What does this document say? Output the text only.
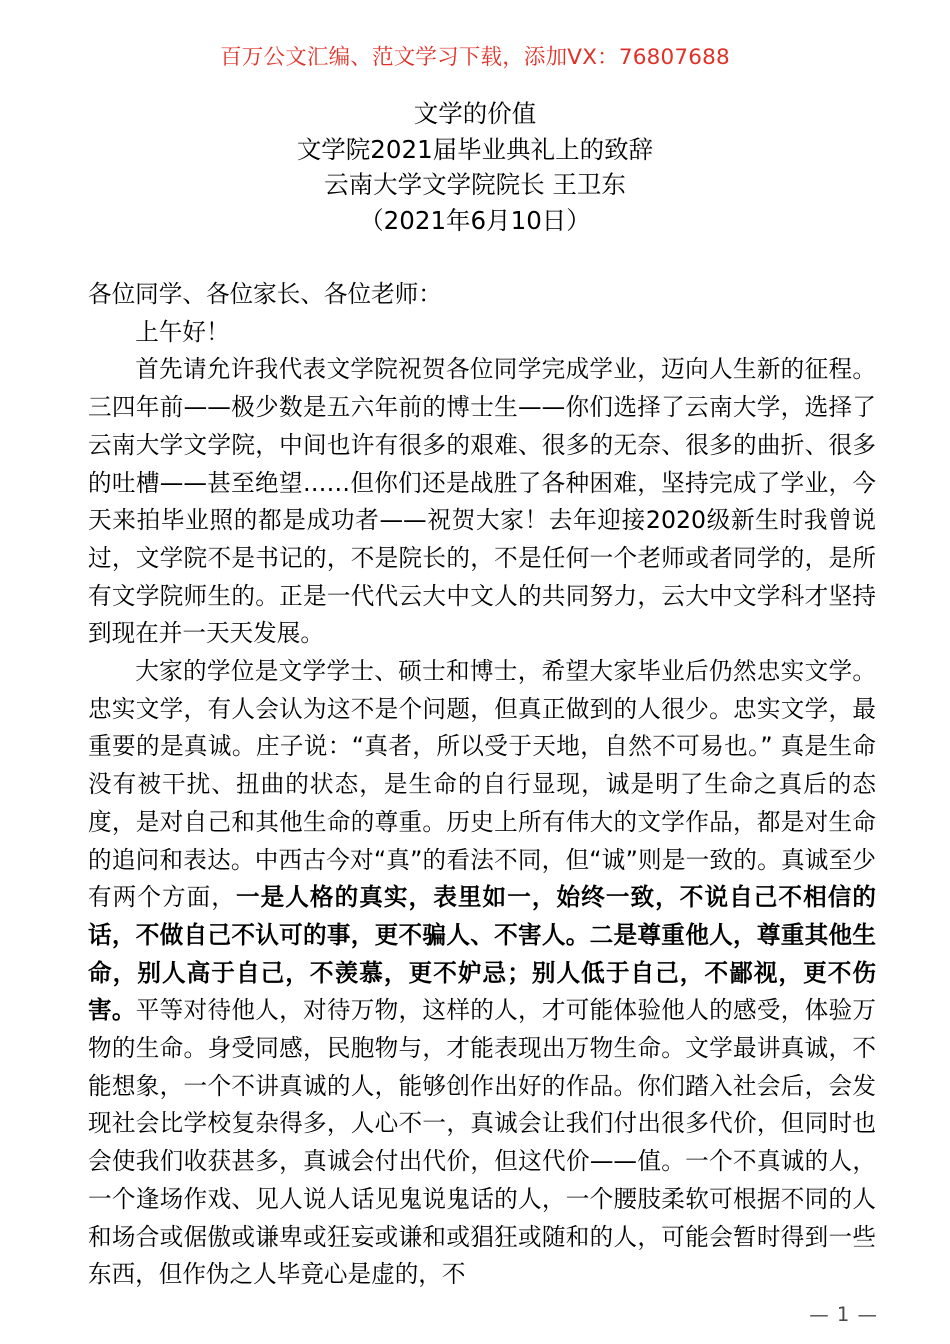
百万公文汇编、范文学习下载，添加VX：76807688
文学的价值
文学院2021届毕业典礼上的致辞
云南大学文学院院长 王卫东
（2021年6月10日）

各位同学、各位家长、各位老师：

上午好！

首先请允许我代表文学院祝贺各位同学完成学业，迈向人生新的征程。三四年前——极少数是五六年前的博士生——你们选择了云南大学，选择了云南大学文学院，中间也许有很多的艰难、很多的无奈、很多的曲折、很多的吐槽——甚至绝望……但你们还是战胜了各种困难，坚持完成了学业，今天来拍毕业照的都是成功者——祝贺大家！去年迎接2020级新生时我曾说过，文学院不是书记的，不是院长的，不是任何一个老师或者同学的，是所有文学院师生的。正是一代代云大中文人的共同努力，云大中文学科才坚持到现在并一天天发展。

大家的学位是文学学士、硕士和博士，希望大家毕业后仍然忠实文学。忠实文学，有人会认为这不是个问题，但真正做到的人很少。忠实文学，最重要的是真诚。庄子说：“真者，所以受于天地，自然不可易也。” 真是生命没有被干扰、扭曲的状态，是生命的自行显现，诚是明了生命之真后的态度，是对自己和其他生命的尊重。历史上所有伟大的文学作品，都是对生命的追问和表达。中西古今对“真”的看法不同，但“诚”则是一致的。真诚至少有两个方面，一是人格的真实，表里如一，始终一致，不说自己不相信的话，不做自己不认可的事，更不骗人、不害人。二是尊重他人，尊重其他生命，别人高于自己，不羡慕，更不妒忌；别人低于自己，不鄙视，更不伤害。平等对待他人，对待万物，这样的人，才可能体验他人的感受，体验万物的生命。身受同感，民胞物与，才能表现出万物生命。文学最讲真诚，不能想象，一个不讲真诚的人，能够创作出好的作品。你们踏入社会后，会发现社会比学校复杂得多，人心不一，真诚会让我们付出很多代价，但同时也会使我们收获甚多，真诚会付出代价，但这代价——值。一个不真诚的人，一个逢场作戏、见人说人话见鬼说鬼话的人，一个腰肢柔软可根据不同的人和场合或倨傲或谦卑或狂妄或谦和或猖狂或随和的人，可能会暂时得到一些东西，但作伪之人毕竟心是虚的，不

— 1 —
